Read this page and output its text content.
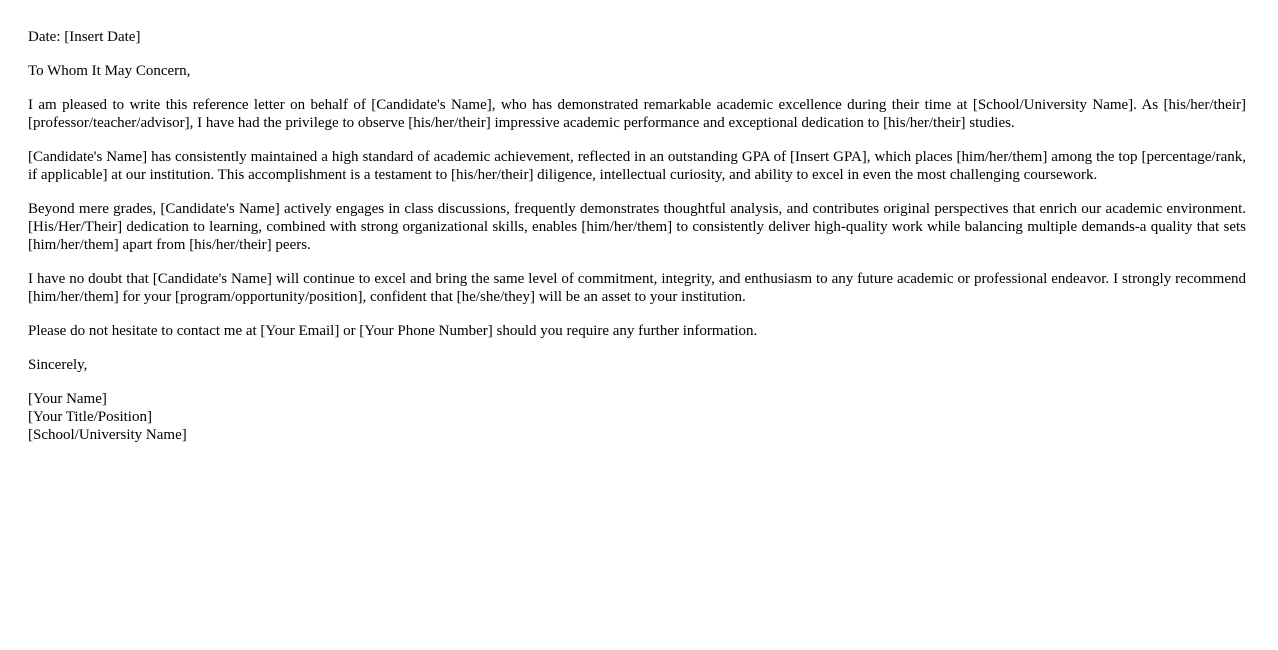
Date: [Insert Date]

To Whom It May Concern,

I am pleased to write this reference letter on behalf of [Candidate's Name], who has demonstrated remarkable academic excellence during their time at [School/University Name]. As [his/her/their] [professor/teacher/advisor], I have had the privilege to observe [his/her/their] impressive academic performance and exceptional dedication to [his/her/their] studies.

[Candidate's Name] has consistently maintained a high standard of academic achievement, reflected in an outstanding GPA of [Insert GPA], which places [him/her/them] among the top [percentage/rank, if applicable] at our institution. This accomplishment is a testament to [his/her/their] diligence, intellectual curiosity, and ability to excel in even the most challenging coursework.

Beyond mere grades, [Candidate's Name] actively engages in class discussions, frequently demonstrates thoughtful analysis, and contributes original perspectives that enrich our academic environment. [His/Her/Their] dedication to learning, combined with strong organizational skills, enables [him/her/them] to consistently deliver high-quality work while balancing multiple demands-a quality that sets [him/her/them] apart from [his/her/their] peers.

I have no doubt that [Candidate's Name] will continue to excel and bring the same level of commitment, integrity, and enthusiasm to any future academic or professional endeavor. I strongly recommend [him/her/them] for your [program/opportunity/position], confident that [he/she/they] will be an asset to your institution.

Please do not hesitate to contact me at [Your Email] or [Your Phone Number] should you require any further information.

Sincerely,

[Your Name]
[Your Title/Position]
[School/University Name]
